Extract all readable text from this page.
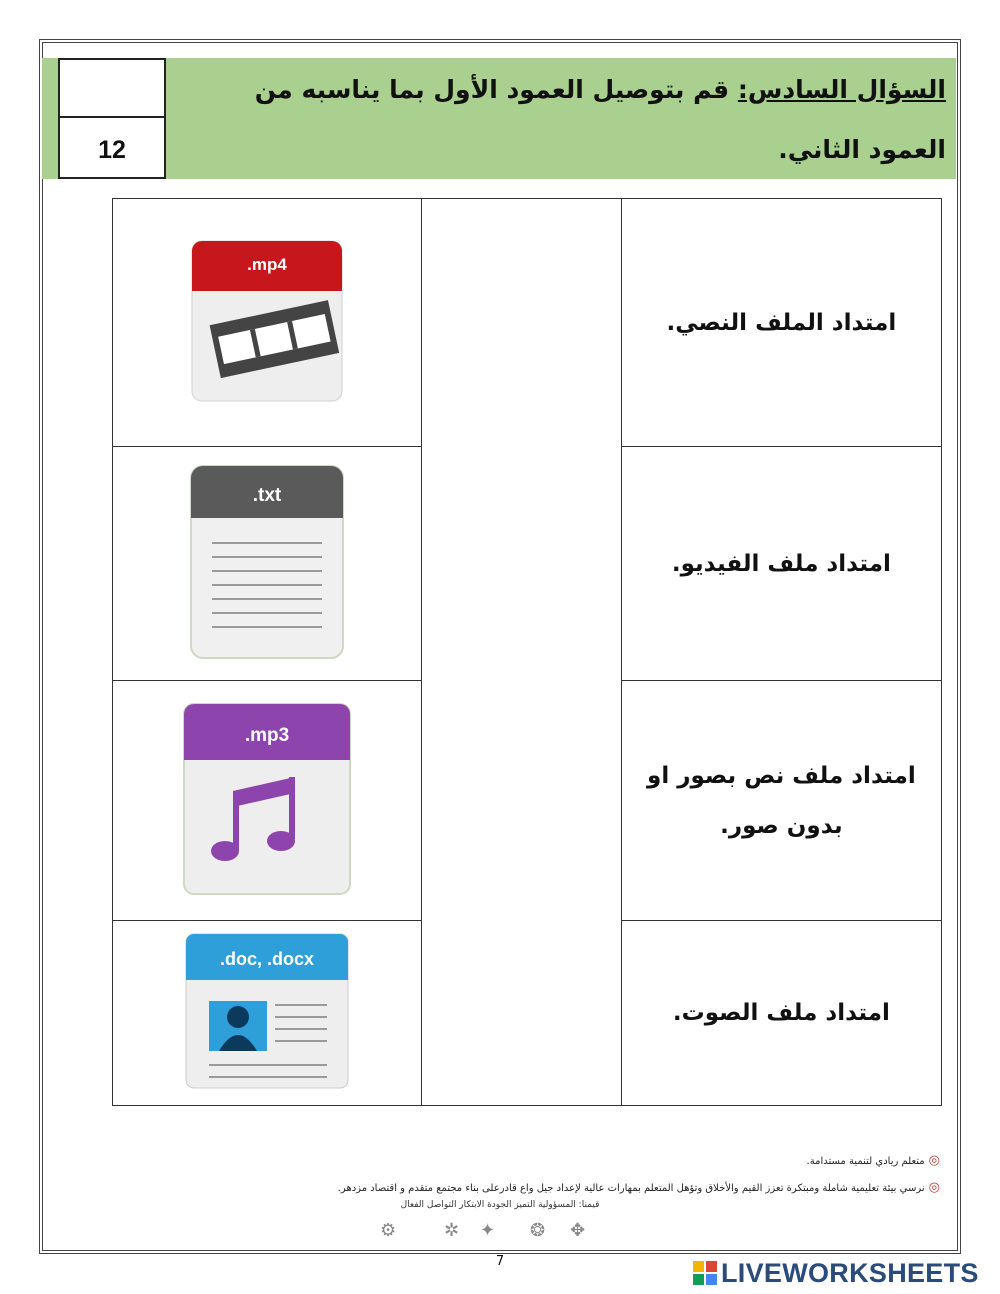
12
السؤال السادس: قم بتوصيل العمود الأول بما يناسبه من العمود الثاني.
.mp4		امتداد الملف النصي.

.txt		امتداد ملف الفيديو.

.mp3		امتداد ملف نص بصور او بدون صور.

.doc, .docx		امتداد ملف الصوت.
◎متعلم ريادي لتنمية مستدامة.
◎نرسي بيئة تعليمية شاملة ومبتكرة تعزز القيم والأخلاق وتؤهل المتعلم بمهارات عالية لإعداد جيل واع قادرعلى بناء مجتمع متقدم و اقتصاد مزدهر.
قيمنا: المسؤولية التميز الجودة الابتكار التواصل الفعال
⚙	✲ ✦ ❂ ✥
7	LIVEWORKSHEETS
